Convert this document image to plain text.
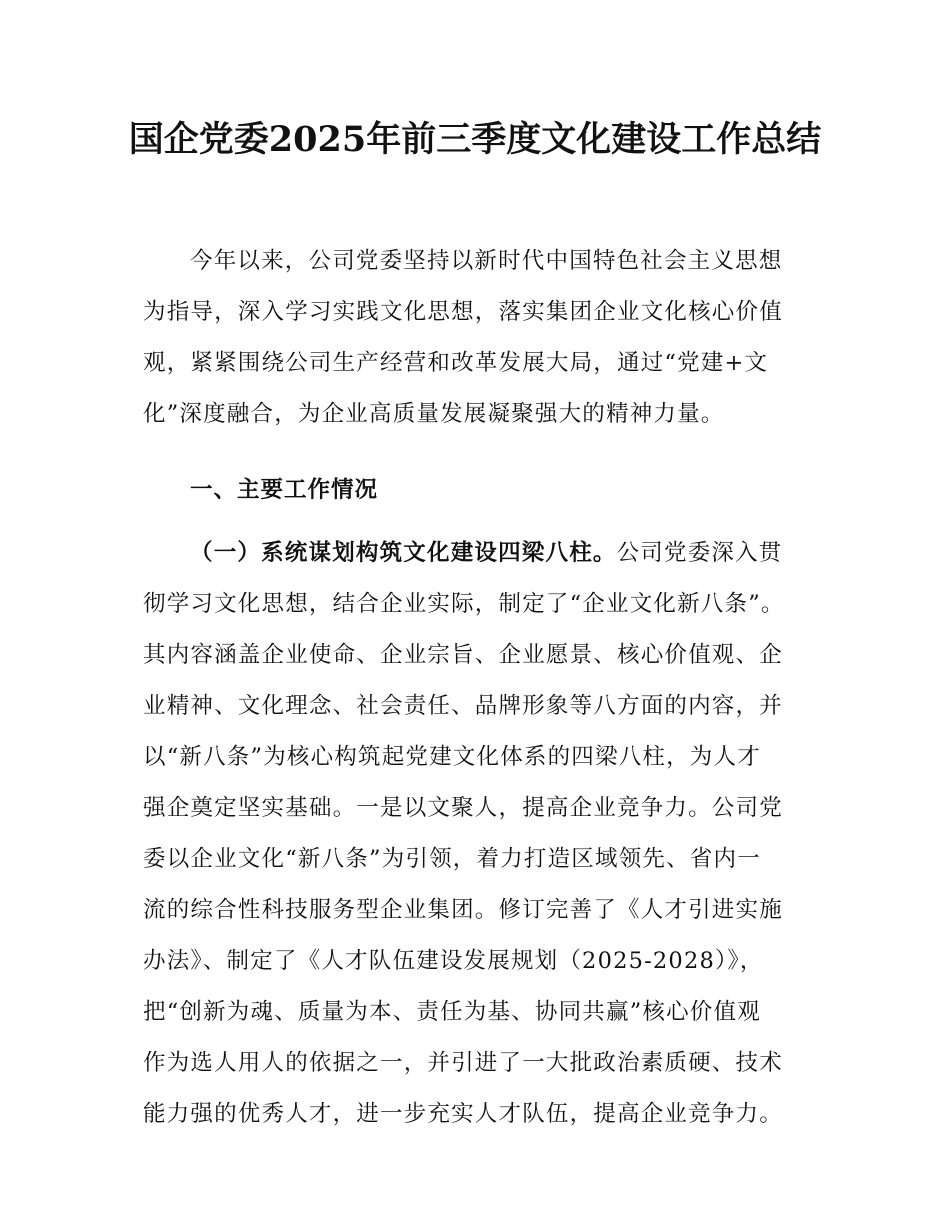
国企党委2025年前三季度文化建设工作总结
今年以来，公司党委坚持以新时代中国特色社会主义思想
为指导，深入学习实践文化思想，落实集团企业文化核心价值
观，紧紧围绕公司生产经营和改革发展大局，通过“党建+文
化”深度融合，为企业高质量发展凝聚强大的精神力量。
一、主要工作情况
（一）系统谋划构筑文化建设四梁八柱。公司党委深入贯
彻学习文化思想，结合企业实际，制定了“企业文化新八条”。
其内容涵盖企业使命、企业宗旨、企业愿景、核心价值观、企
业精神、文化理念、社会责任、品牌形象等八方面的内容，并
以“新八条”为核心构筑起党建文化体系的四梁八柱，为人才
强企奠定坚实基础。一是以文聚人，提高企业竞争力。公司党
委以企业文化“新八条”为引领，着力打造区域领先、省内一
流的综合性科技服务型企业集团。修订完善了《人才引进实施
办法》、制定了《人才队伍建设发展规划（2025-2028）》，
把“创新为魂、质量为本、责任为基、协同共赢”核心价值观
作为选人用人的依据之一，并引进了一大批政治素质硬、技术
能力强的优秀人才，进一步充实人才队伍，提高企业竞争力。
